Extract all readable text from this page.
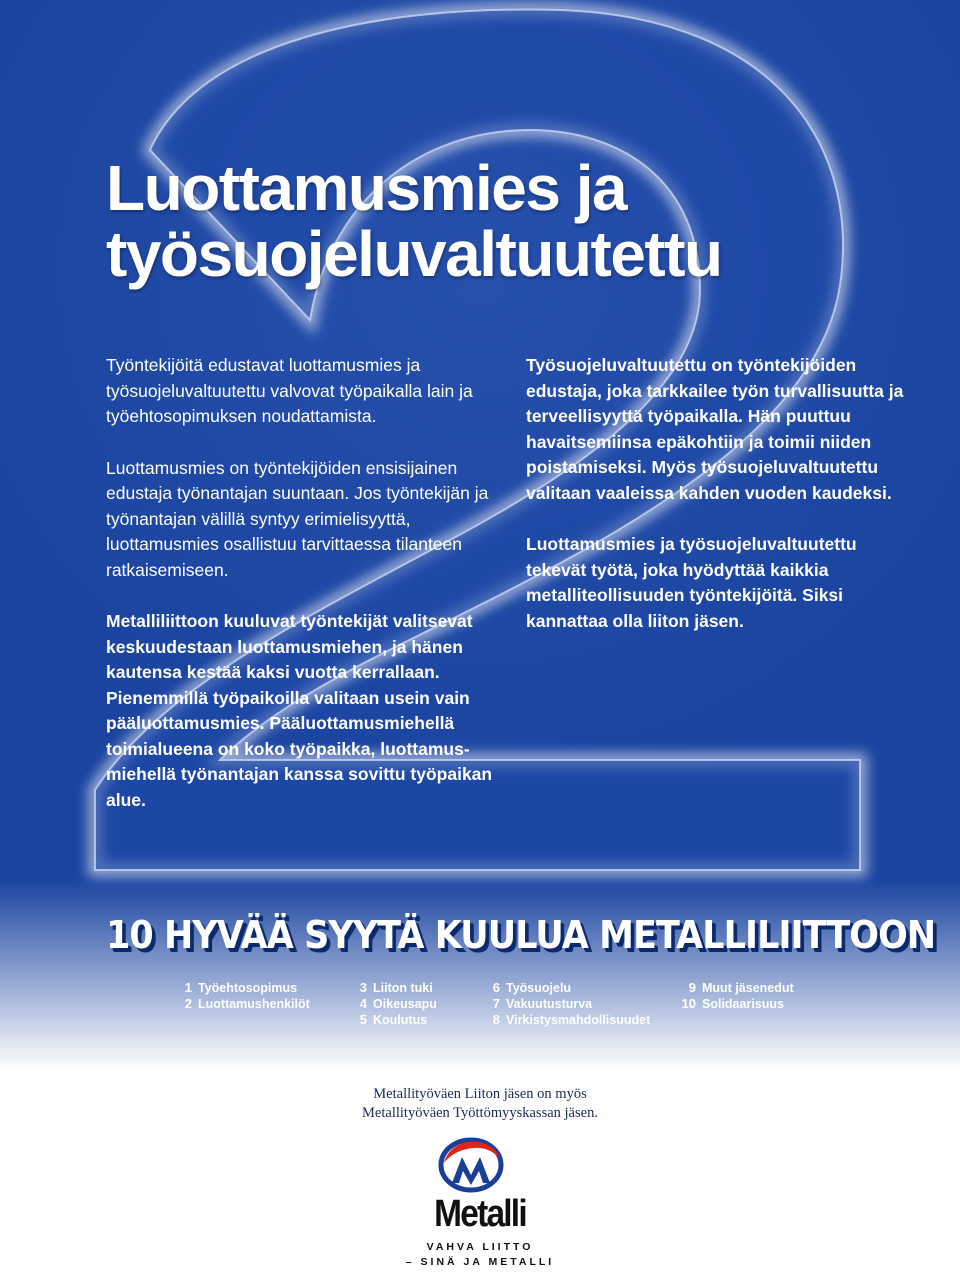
Luottamusmies ja
työsuojeluvaltuutettu

Työntekijöitä edustavat luottamusmies ja työsuojeluvaltuutettu valvovat työpaikalla lain ja työehtosopimuksen noudattamista.

Luottamusmies on työntekijöiden ensisijainen edustaja työnantajan suuntaan. Jos työntekijän ja työnantajan välillä syntyy erimielisyyttä, luottamusmies osallistuu tarvittaessa tilanteen ratkaisemiseen.

Metalliliittoon kuuluvat työntekijät valitsevat keskuudestaan luottamusmiehen, ja hänen kautensa kestää kaksi vuotta kerrallaan. Pienemmillä työpaikoilla valitaan usein vain pääluottamusmies. Pääluottamusmiehellä toimialueena on koko työpaikka, luottamus-miehellä työnantajan kanssa sovittu työpaikan alue.

Työsuojeluvaltuutettu on työntekijöiden edustaja, joka tarkkailee työn turvallisuutta ja terveellisyyttä työpaikalla. Hän puuttuu havaitsemiinsa epäkohtiin ja toimii niiden poistamiseksi. Myös työsuojeluvaltuutettu valitaan vaaleissa kahden vuoden kaudeksi.

Luottamusmies ja työsuojeluvaltuutettu tekevät työtä, joka hyödyttää kaikkia metalliteollisuuden työntekijöitä. Siksi kannattaa olla liiton jäsen.

10 HYVÄÄ SYYTÄ KUULUA METALLILIITTOON
1 Työehtosopimus
2 Luottamushenkilöt
3 Liiton tuki
4 Oikeusapu
5 Koulutus
6 Työsuojelu
7 Vakuutusturva
8 Virkistysmahdollisuudet
9 Muut jäsenedut
10 Solidaarisuus

Metallityöväen Liiton jäsen on myös
Metallityöväen Työttömyyskassan jäsen.

Metalli

VAHVA LIITTO
– SINÄ JA METALLI
